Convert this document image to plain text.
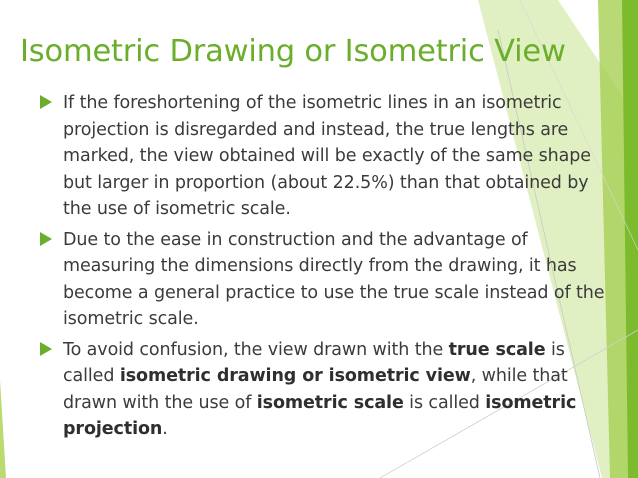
Isometric Drawing or Isometric View
If the foreshortening of the isometric lines in an isometric projection is disregarded and instead, the true lengths are marked, the view obtained will be exactly of the same shape but larger in proportion (about 22.5%) than that obtained by the use of isometric scale.
Due to the ease in construction and the advantage of measuring the dimensions directly from the drawing, it has become a general practice to use the true scale instead of the isometric scale.
To avoid confusion, the view drawn with the true scale is called isometric drawing or isometric view, while that drawn with the use of isometric scale is called isometric projection.
